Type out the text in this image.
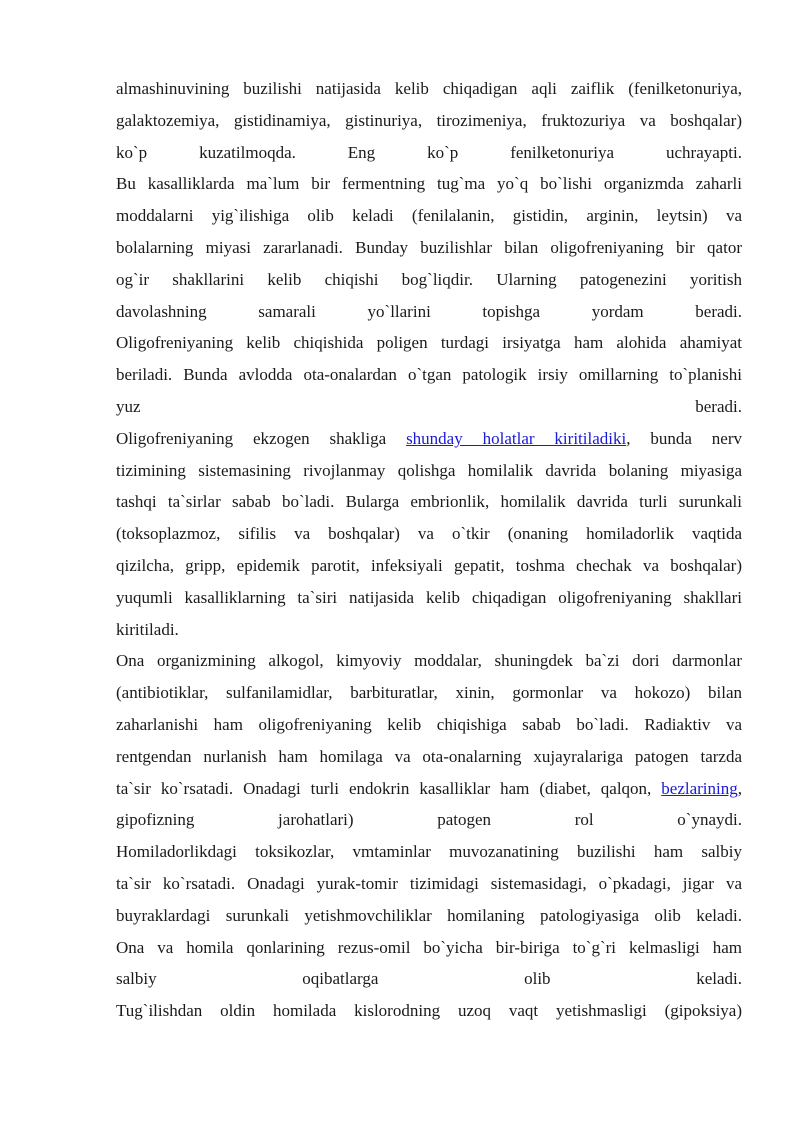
almashinuvining buzilishi natijasida kelib chiqadigan aqli zaiflik (fenilketonuriya,
galaktozemiya, gistidinamiya, gistinuriya, tirozimeniya, fruktozuriya va boshqalar)
ko`p kuzatilmoqda. Eng ko`p fenilketonuriya uchrayapti.
Bu kasalliklarda ma`lum bir fermentning tug`ma yo`q bo`lishi organizmda zaharli
moddalarni yig`ilishiga olib keladi (fenilalanin, gistidin, arginin, leytsin) va
bolalarning miyasi zararlanadi. Bunday buzilishlar bilan oligofreniyaning bir qator
og`ir shakllarini kelib chiqishi bog`liqdir. Ularning patogenezini yoritish
davolashning samarali yo`llarini topishga yordam beradi.
Oligofreniyaning kelib chiqishida poligen turdagi irsiyatga ham alohida ahamiyat
beriladi. Bunda avlodda ota-onalardan o`tgan patologik irsiy omillarning to`planishi
yuz beradi.
Oligofreniyaning ekzogen shakliga shunday holatlar kiritiladiki, bunda nerv
tizimining sistemasining rivojlanmay qolishga homilalik davrida bolaning miyasiga
tashqi ta`sirlar sabab bo`ladi. Bularga embrionlik, homilalik davrida turli surunkali
(toksoplazmoz, sifilis va boshqalar) va o`tkir (onaning homiladorlik vaqtida
qizilcha, gripp, epidemik parotit, infeksiyali gepatit, toshma chechak va boshqalar)
yuqumli kasalliklarning ta`siri natijasida kelib chiqadigan oligofreniyaning shakllari
kiritiladi.
Ona organizmining alkogol, kimyoviy moddalar, shuningdek ba`zi dori darmonlar
(antibiotiklar, sulfanilamidlar, barbituratlar, xinin, gormonlar va hokozo) bilan
zaharlanishi ham oligofreniyaning kelib chiqishiga sabab bo`ladi. Radiaktiv va
rentgendan nurlanish ham homilaga va ota-onalarning xujayralariga patogen tarzda
ta`sir ko`rsatadi. Onadagi turli endokrin kasalliklar ham (diabet, qalqon, bezlarining,
gipofizning jarohatlari) patogen rol o`ynaydi.
Homiladorlikdagi toksikozlar, vmtaminlar muvozanatining buzilishi ham salbiy
ta`sir ko`rsatadi. Onadagi yurak-tomir tizimidagi sistemasidagi, o`pkadagi, jigar va
buyraklardagi surunkali yetishmovchiliklar homilaning patologiyasiga olib keladi.
Ona va homila qonlarining rezus-omil bo`yicha bir-biriga to`g`ri kelmasligi ham
salbiy oqibatlarga olib keladi.
Tug`ilishdan oldin homilada kislorodning uzoq vaqt yetishmasligi (gipoksiya)
